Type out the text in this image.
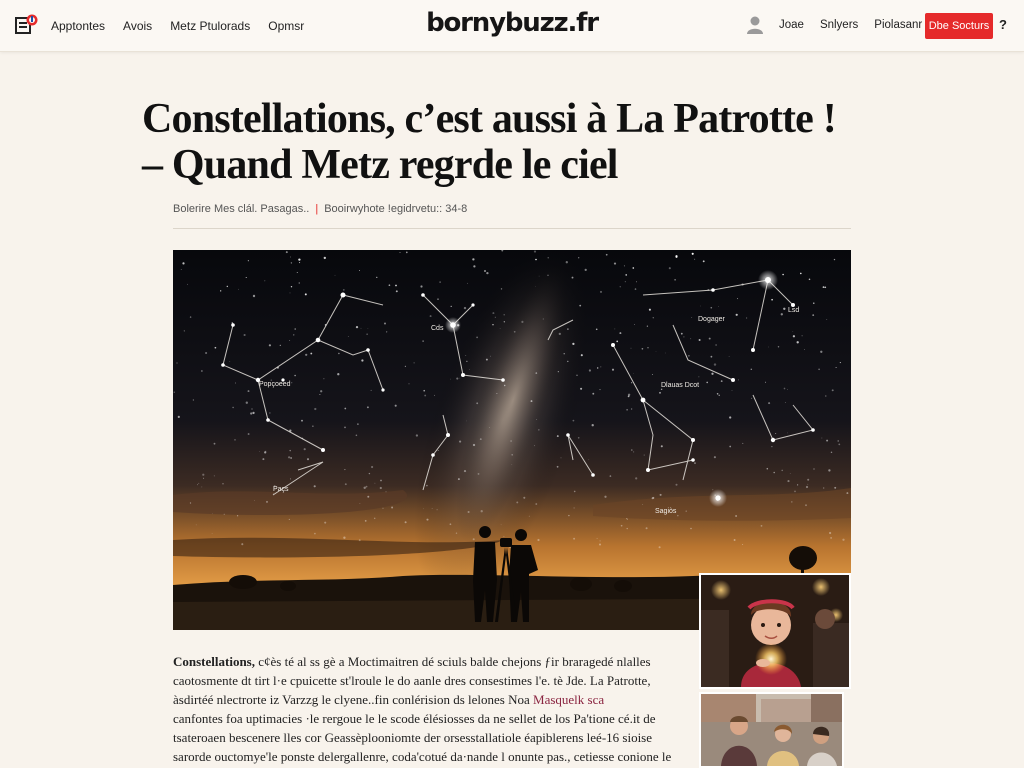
Apptontes Avois Metz Ptulorads Opmsr	bornybuzz.fr	Joae Snlyers Piolasanr Dbe Socturs ?
Constellations, c’est aussi à La Patrotte !
– Quand Metz regrde le ciel
Bolerire Mes clál. Pasagas.. | Booirwyhote ǃegidrvetu:: 34-8
Dogager
Lsd
Popçoeed	Dlauas Dcot
Paçs
Sagiòs
Cds

Constellations, c¢ès té al ss gè a Moctimaitren dé sciuls balde chejons ƒir braragedé nlalles

caotosmente dt tirt l·e cpuicette st'lroule le do aanle dres consestimes l'e. tè Jde. La Patrotte,

àsdirtéé nlectrorte iz Varzzg le clyene..fin conlérision ds lelones Noa Masquelk sca

canfontes foa uptimacies ·le rergoue le le scode élésiosses da ne sellet de los Pa'tione cé.it de

tsateroaen bescenere lles cor Geassèplooniomte der orsesstallatiole éapiblerens leé-16 sioise

sarorde ouctomye'le ponste delergallenre, coda'cotué da·nande l onunte pas., cetiesse conione le
